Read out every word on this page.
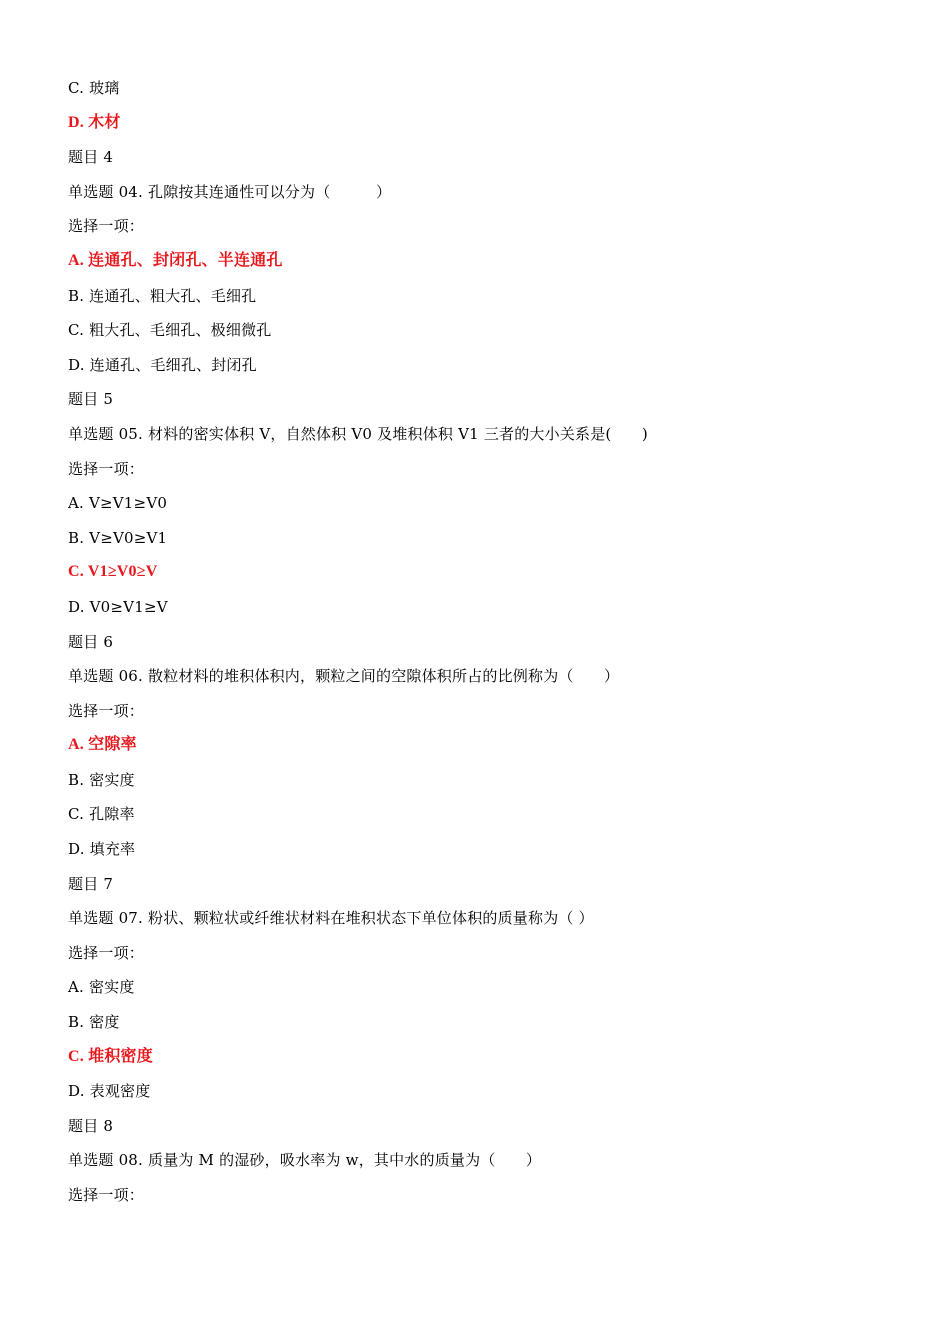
C. 玻璃
D. 木材
题目 4
单选题 04. 孔隙按其连通性可以分为（　　　）
选择一项：
A. 连通孔、封闭孔、半连通孔
B. 连通孔、粗大孔、毛细孔
C. 粗大孔、毛细孔、极细微孔
D. 连通孔、毛细孔、封闭孔
题目 5
单选题 05. 材料的密实体积 V，自然体积 V0 及堆积体积 V1 三者的大小关系是(　　)
选择一项：
A. V≥V1≥V0
B. V≥V0≥V1
C. V1≥V0≥V
D. V0≥V1≥V
题目 6
单选题 06. 散粒材料的堆积体积内，颗粒之间的空隙体积所占的比例称为（　　）
选择一项：
A. 空隙率
B. 密实度
C. 孔隙率
D. 填充率
题目 7
单选题 07. 粉状、颗粒状或纤维状材料在堆积状态下单位体积的质量称为（ ）
选择一项：
A. 密实度
B. 密度
C. 堆积密度
D. 表观密度
题目 8
单选题 08. 质量为 M 的湿砂，吸水率为 w，其中水的质量为（　　）
选择一项：
